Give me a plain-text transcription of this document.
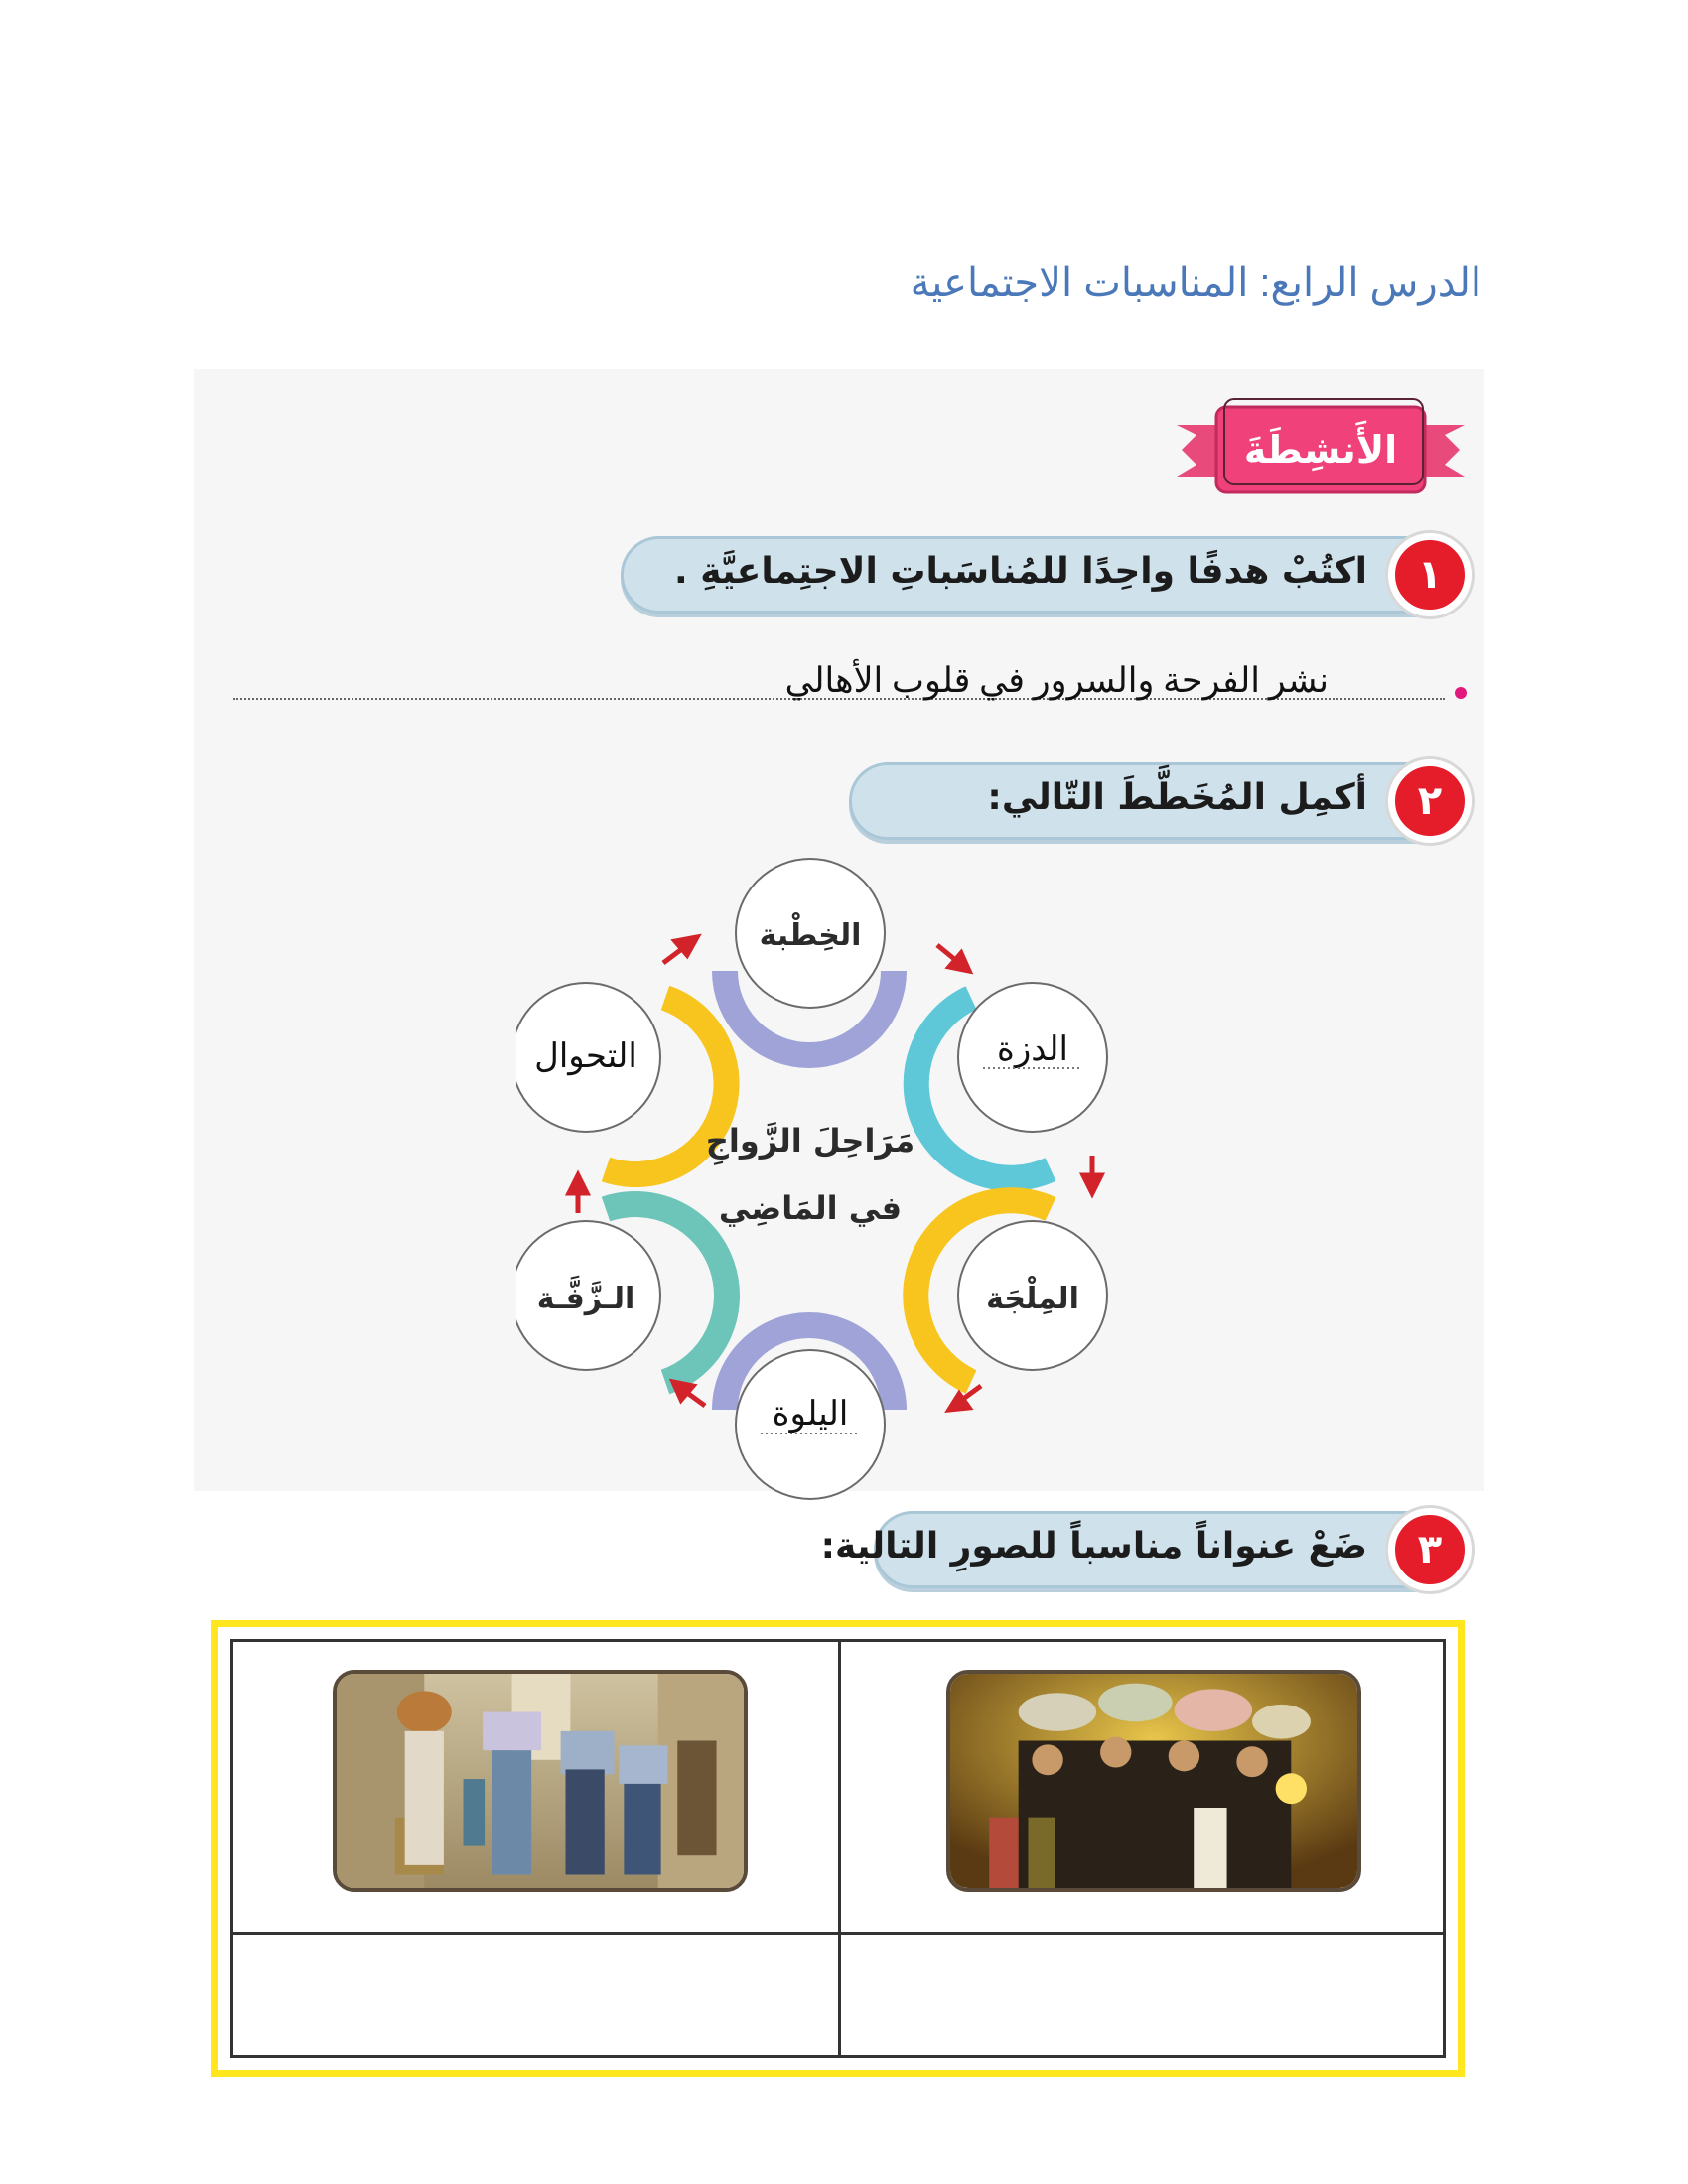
الدرس الرابع: المناسبات الاجتماعية
الأَنشِطَةَ
اكتُبْ هدفًا واحِدًا للمُناسَباتِ الاجتِماعيَّةِ .	١
نشر الفرحة والسرور في قلوب الأهالي
أكمِل المُخَطَّطَ التّالي:	٢
الخِطْبة
الدزة
المِلْجَة
اليلوة
الـزَّفَّـة
التحوال
مَرَاحِلَ الزَّواجِ
في المَاضِي
ضَعْ عنواناً مناسباً للصورِ التالية:	٣
